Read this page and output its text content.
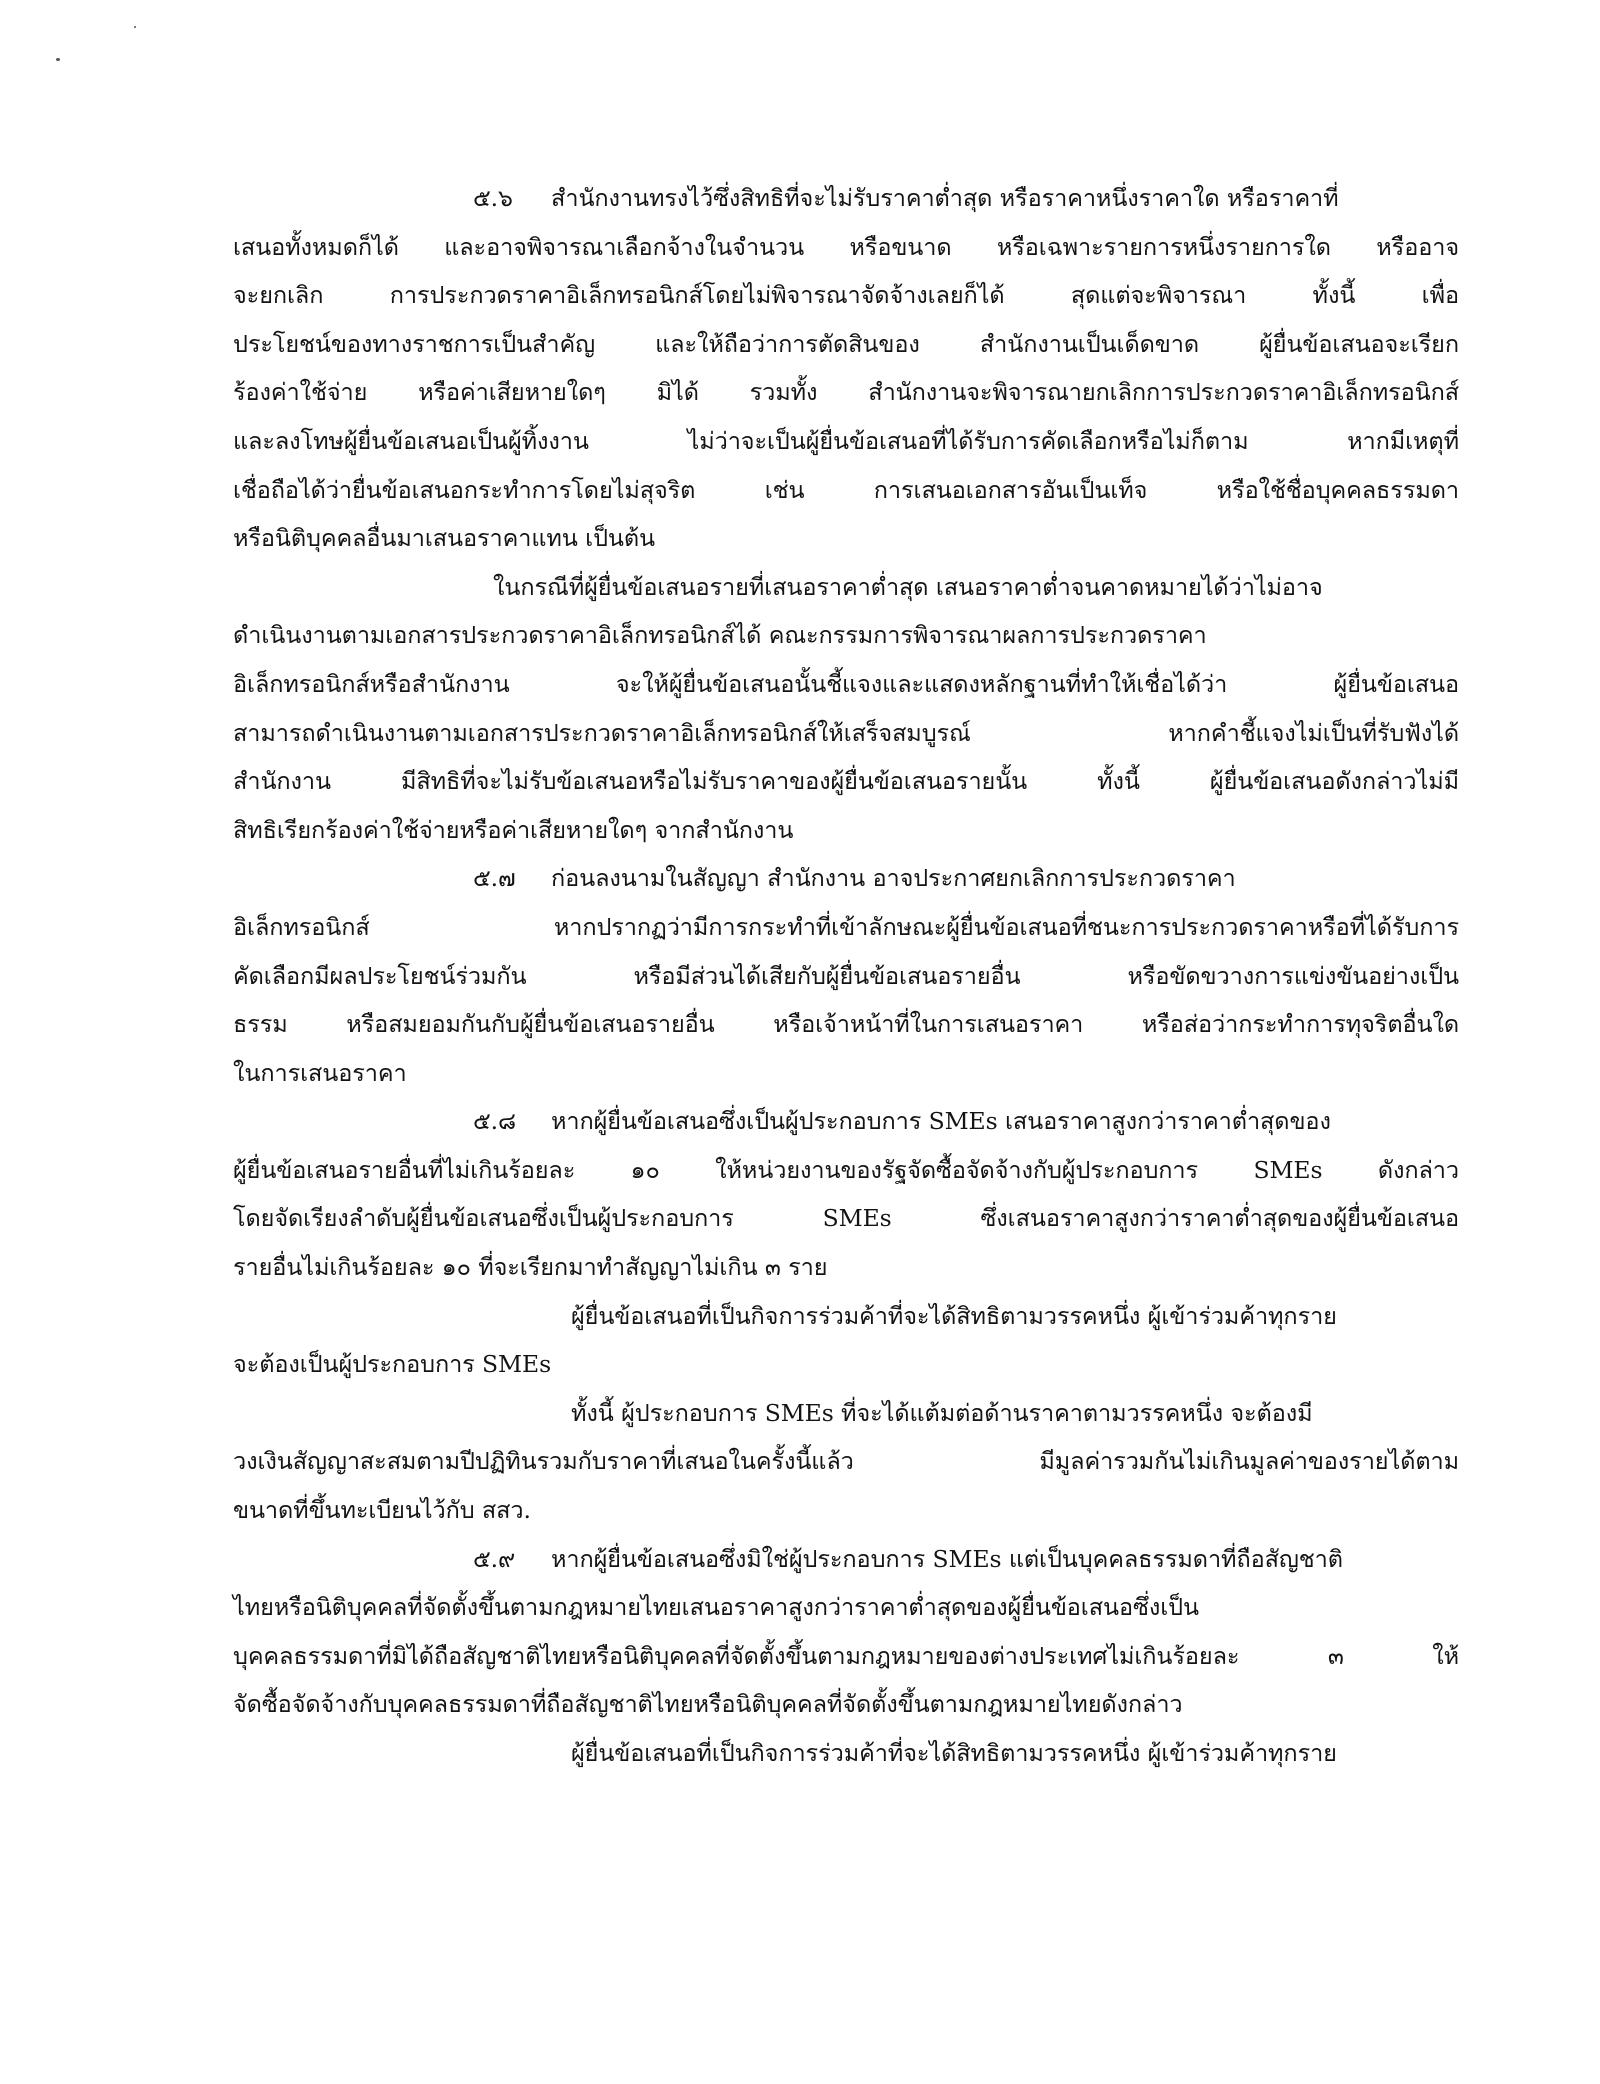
๕.๖ สำนักงานทรงไว้ซึ่งสิทธิที่จะไม่รับราคาต่ำสุด หรือราคาหนึ่งราคาใด หรือราคาที่
เสนอทั้งหมดก็ได้ และอาจพิจารณาเลือกจ้างในจำนวน หรือขนาด หรือเฉพาะรายการหนึ่งรายการใด หรืออาจ
จะยกเลิก การประกวดราคาอิเล็กทรอนิกส์โดยไม่พิจารณาจัดจ้างเลยก็ได้ สุดแต่จะพิจารณา ทั้งนี้ เพื่อ
ประโยชน์ของทางราชการเป็นสำคัญ และให้ถือว่าการตัดสินของ สำนักงานเป็นเด็ดขาด ผู้ยื่นข้อเสนอจะเรียก
ร้องค่าใช้จ่าย หรือค่าเสียหายใดๆ มิได้ รวมทั้ง สำนักงานจะพิจารณายกเลิกการประกวดราคาอิเล็กทรอนิกส์
และลงโทษผู้ยื่นข้อเสนอเป็นผู้ทิ้งงาน ไม่ว่าจะเป็นผู้ยื่นข้อเสนอที่ได้รับการคัดเลือกหรือไม่ก็ตาม หากมีเหตุที่
เชื่อถือได้ว่ายื่นข้อเสนอกระทำการโดยไม่สุจริต เช่น การเสนอเอกสารอันเป็นเท็จ หรือใช้ชื่อบุคคลธรรมดา
หรือนิติบุคคลอื่นมาเสนอราคาแทน เป็นต้น
ในกรณีที่ผู้ยื่นข้อเสนอรายที่เสนอราคาต่ำสุด เสนอราคาต่ำจนคาดหมายได้ว่าไม่อาจ
ดำเนินงานตามเอกสารประกวดราคาอิเล็กทรอนิกส์ได้ คณะกรรมการพิจารณาผลการประกวดราคา
อิเล็กทรอนิกส์หรือสำนักงาน จะให้ผู้ยื่นข้อเสนอนั้นชี้แจงและแสดงหลักฐานที่ทำให้เชื่อได้ว่า ผู้ยื่นข้อเสนอ
สามารถดำเนินงานตามเอกสารประกวดราคาอิเล็กทรอนิกส์ให้เสร็จสมบูรณ์ หากคำชี้แจงไม่เป็นที่รับฟังได้
สำนักงาน มีสิทธิที่จะไม่รับข้อเสนอหรือไม่รับราคาของผู้ยื่นข้อเสนอรายนั้น ทั้งนี้ ผู้ยื่นข้อเสนอดังกล่าวไม่มี
สิทธิเรียกร้องค่าใช้จ่ายหรือค่าเสียหายใดๆ จากสำนักงาน
๕.๗ ก่อนลงนามในสัญญา สำนักงาน อาจประกาศยกเลิกการประกวดราคา
อิเล็กทรอนิกส์ หากปรากฏว่ามีการกระทำที่เข้าลักษณะผู้ยื่นข้อเสนอที่ชนะการประกวดราคาหรือที่ได้รับการ
คัดเลือกมีผลประโยชน์ร่วมกัน หรือมีส่วนได้เสียกับผู้ยื่นข้อเสนอรายอื่น หรือขัดขวางการแข่งขันอย่างเป็น
ธรรม หรือสมยอมกันกับผู้ยื่นข้อเสนอรายอื่น หรือเจ้าหน้าที่ในการเสนอราคา หรือส่อว่ากระทำการทุจริตอื่นใด
ในการเสนอราคา
๕.๘ หากผู้ยื่นข้อเสนอซึ่งเป็นผู้ประกอบการ SMEs เสนอราคาสูงกว่าราคาต่ำสุดของ
ผู้ยื่นข้อเสนอรายอื่นที่ไม่เกินร้อยละ ๑๐ ให้หน่วยงานของรัฐจัดซื้อจัดจ้างกับผู้ประกอบการ SMEs ดังกล่าว
โดยจัดเรียงลำดับผู้ยื่นข้อเสนอซึ่งเป็นผู้ประกอบการ SMEs ซึ่งเสนอราคาสูงกว่าราคาต่ำสุดของผู้ยื่นข้อเสนอ
รายอื่นไม่เกินร้อยละ ๑๐ ที่จะเรียกมาทำสัญญาไม่เกิน ๓ ราย
ผู้ยื่นข้อเสนอที่เป็นกิจการร่วมค้าที่จะได้สิทธิตามวรรคหนึ่ง ผู้เข้าร่วมค้าทุกราย
จะต้องเป็นผู้ประกอบการ SMEs
ทั้งนี้ ผู้ประกอบการ SMEs ที่จะได้แต้มต่อด้านราคาตามวรรคหนึ่ง จะต้องมี
วงเงินสัญญาสะสมตามปีปฏิทินรวมกับราคาที่เสนอในครั้งนี้แล้ว มีมูลค่ารวมกันไม่เกินมูลค่าของรายได้ตาม
ขนาดที่ขึ้นทะเบียนไว้กับ สสว.
๕.๙ หากผู้ยื่นข้อเสนอซึ่งมิใช่ผู้ประกอบการ SMEs แต่เป็นบุคคลธรรมดาที่ถือสัญชาติ
ไทยหรือนิติบุคคลที่จัดตั้งขึ้นตามกฎหมายไทยเสนอราคาสูงกว่าราคาต่ำสุดของผู้ยื่นข้อเสนอซึ่งเป็น
บุคคลธรรมดาที่มิได้ถือสัญชาติไทยหรือนิติบุคคลที่จัดตั้งขึ้นตามกฎหมายของต่างประเทศไม่เกินร้อยละ ๓ ให้
จัดซื้อจัดจ้างกับบุคคลธรรมดาที่ถือสัญชาติไทยหรือนิติบุคคลที่จัดตั้งขึ้นตามกฎหมายไทยดังกล่าว
ผู้ยื่นข้อเสนอที่เป็นกิจการร่วมค้าที่จะได้สิทธิตามวรรคหนึ่ง ผู้เข้าร่วมค้าทุกราย
